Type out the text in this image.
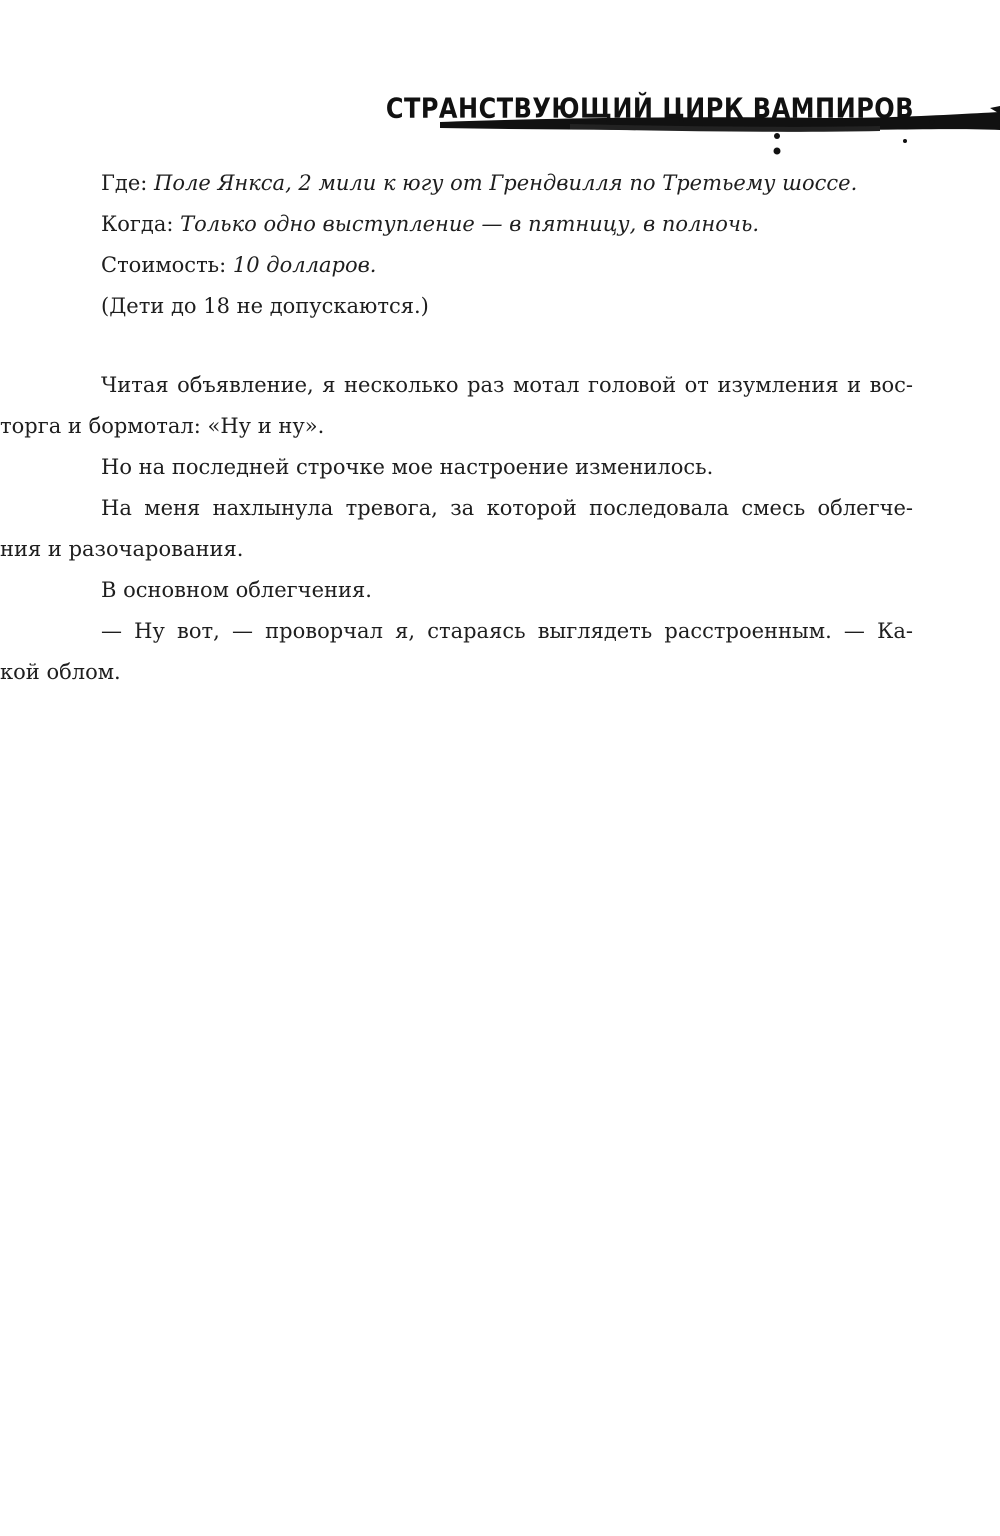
СТРАНСТВУЮЩИЙ ЦИРК ВАМПИРОВ

Где: Поле Янкса, 2 мили к югу от Грендвилля по Третьему шоссе.

Когда: Только одно выступление — в пятницу, в полночь.

Стоимость: 10 долларов.

(Дети до 18 не допускаются.)

Читая объявление, я несколько раз мотал головой от изумления и вос-
торга и бормотал: «Ну и ну».

Но на последней строчке мое настроение изменилось.

На меня нахлынула тревога, за которой последовала смесь облегче-
ния и разочарования.

В основном облегчения.

— Ну вот, — проворчал я, стараясь выглядеть расстроенным. — Ка-
кой облом.
